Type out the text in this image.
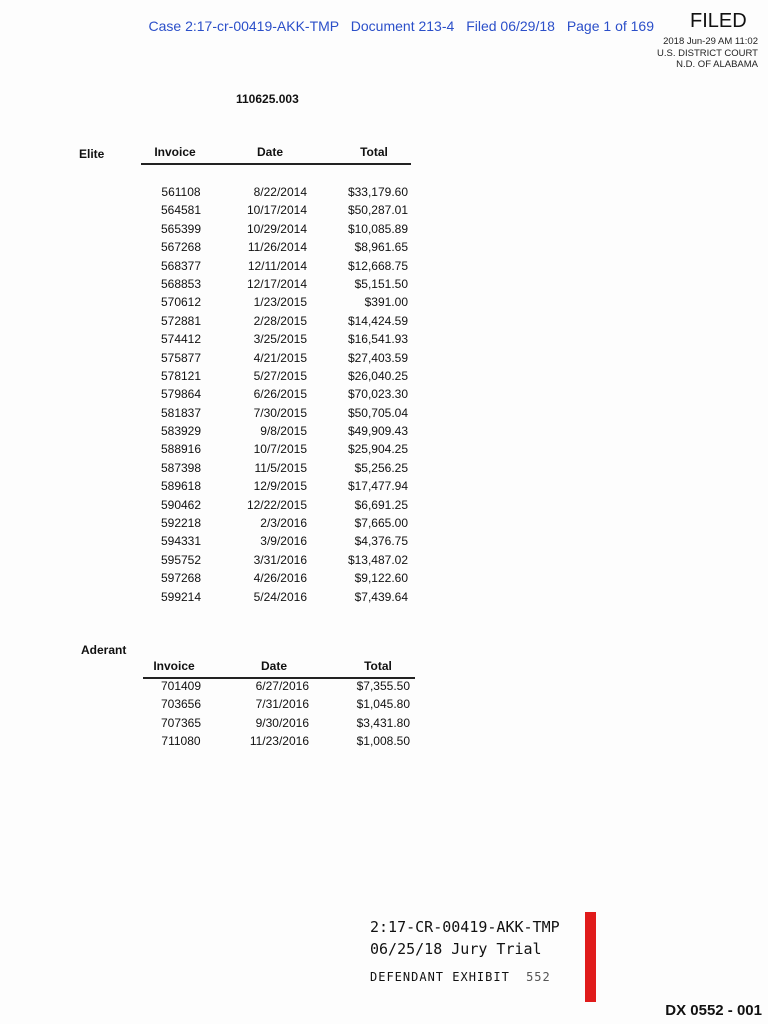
Case 2:17-cr-00419-AKK-TMP Document 213-4 Filed 06/29/18 Page 1 of 169	FILED
2018 Jun-29 AM 11:02
U.S. DISTRICT COURT
N.D. OF ALABAMA
110625.003
Elite	Invoice	Date	Total
561108	8/22/2014	$33,179.60
564581	10/17/2014	$50,287.01
565399	10/29/2014	$10,085.89
567268	11/26/2014	$8,961.65
568377	12/11/2014	$12,668.75
568853	12/17/2014	$5,151.50
570612	1/23/2015	$391.00
572881	2/28/2015	$14,424.59
574412	3/25/2015	$16,541.93
575877	4/21/2015	$27,403.59
578121	5/27/2015	$26,040.25
579864	6/26/2015	$70,023.30
581837	7/30/2015	$50,705.04
583929	9/8/2015	$49,909.43
588916	10/7/2015	$25,904.25
587398	11/5/2015	$5,256.25
589618	12/9/2015	$17,477.94
590462	12/22/2015	$6,691.25
592218	2/3/2016	$7,665.00
594331	3/9/2016	$4,376.75
595752	3/31/2016	$13,487.02
597268	4/26/2016	$9,122.60
599214	5/24/2016	$7,439.64
Aderant
Invoice	Date	Total
701409	6/27/2016	$7,355.50
703656	7/31/2016	$1,045.80
707365	9/30/2016	$3,431.80
711080	11/23/2016	$1,008.50
2:17-CR-00419-AKK-TMP
06/25/18 Jury Trial
DEFENDANT EXHIBIT 552
DX 0552 - 001
